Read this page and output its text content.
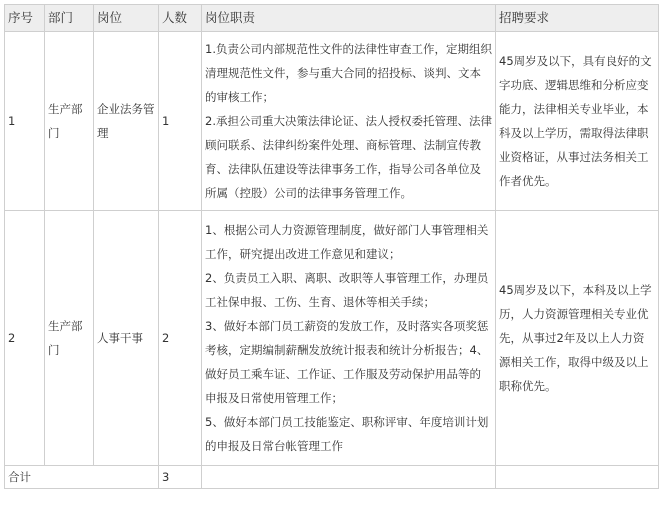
序号	部门	岗位	人数	岗位职责	招聘要求
1	生产部门	企业法务管理	1	1.负责公司内部规范性文件的法律性审查工作，定期组织清理规范性文件，参与重大合同的招投标、谈判、文本的审核工作；
2.承担公司重大决策法律论证、法人授权委托管理、法律顾问联系、法律纠纷案件处理、商标管理、法制宣传教育、法律队伍建设等法律事务工作，指导公司各单位及所属（控股）公司的法律事务管理工作。	45周岁及以下，具有良好的文字功底、逻辑思维和分析应变能力，法律相关专业毕业，本科及以上学历，需取得法律职业资格证，从事过法务相关工作者优先。
2	生产部门	人事干事	2	1、根据公司人力资源管理制度，做好部门人事管理相关工作，研究提出改进工作意见和建议；
2、负责员工入职、离职、改职等人事管理工作，办理员工社保申报、工伤、生育、退休等相关手续；
3、做好本部门员工薪资的发放工作，及时落实各项奖惩考核，定期编制薪酬发放统计报表和统计分析报告；4、做好员工乘车证、工作证、工作服及劳动保护用品等的申报及日常使用管理工作；
5、做好本部门员工技能鉴定、职称评审、年度培训计划的申报及日常台帐管理工作	45周岁及以下，本科及以上学历，人力资源管理相关专业优先，从事过2年及以上人力资源相关工作，取得中级及以上职称优先。
合计			3		
